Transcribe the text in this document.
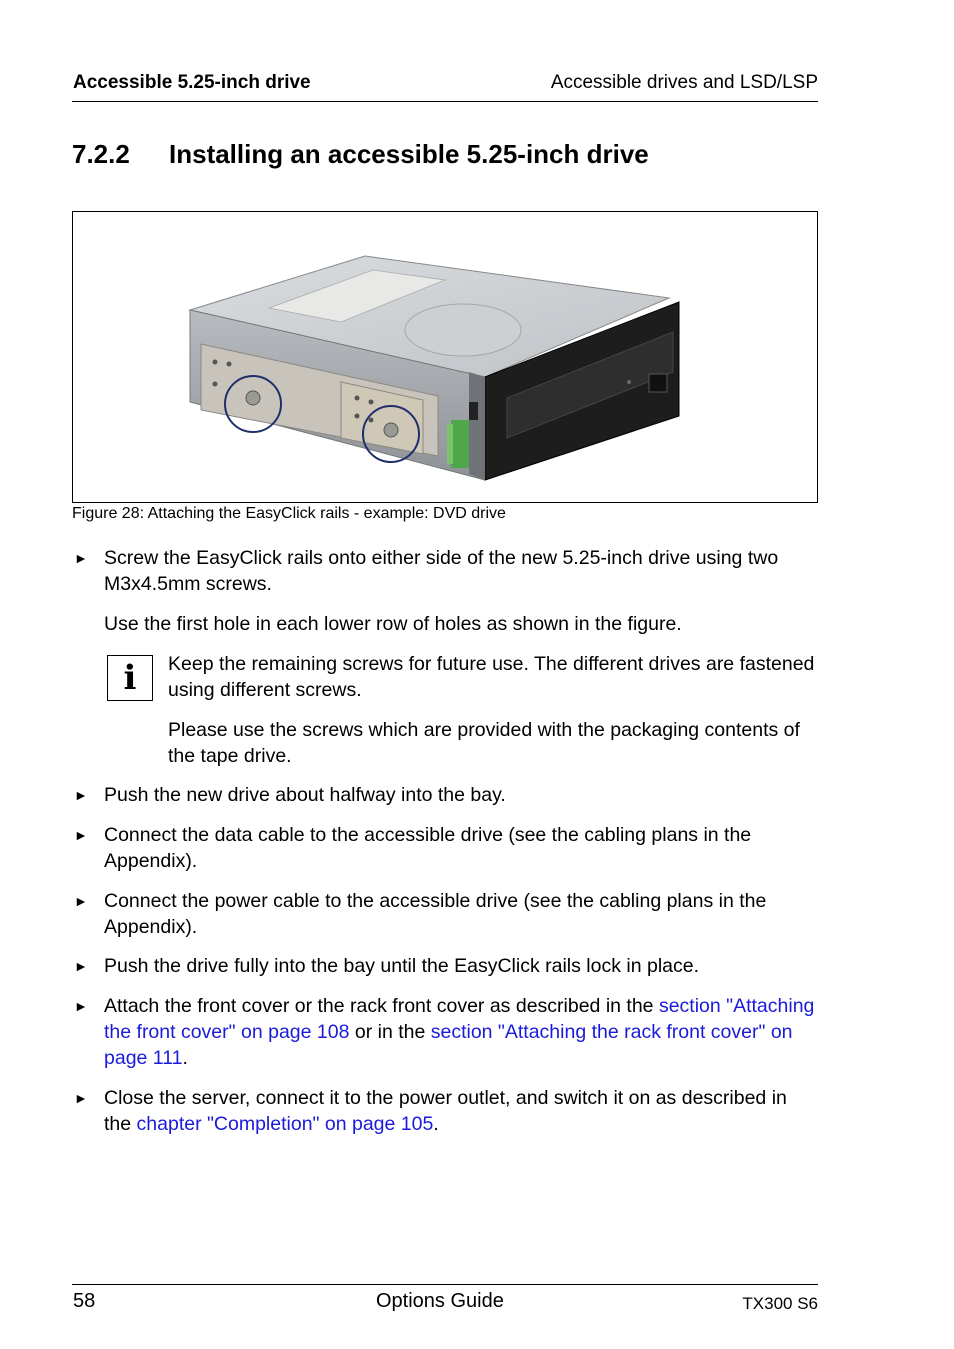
Accessible 5.25-inch drive	Accessible drives and LSD/LSP
7.2.2 Installing an accessible 5.25-inch drive
Figure 28: Attaching the EasyClick rails - example: DVD drive
► Screw the EasyClick rails onto either side of the new 5.25-inch drive using two M3x4.5mm screws.
Use the first hole in each lower row of holes as shown in the figure.
i	Keep the remaining screws for future use. The different drives are fastened using different screws.
Please use the screws which are provided with the packaging contents of the tape drive.
► Push the new drive about halfway into the bay.
► Connect the data cable to the accessible drive (see the cabling plans in the Appendix).
► Connect the power cable to the accessible drive (see the cabling plans in the Appendix).
► Push the drive fully into the bay until the EasyClick rails lock in place.
► Attach the front cover or the rack front cover as described in the section "Attaching the front cover" on page 108 or in the section "Attaching the rack front cover" on page 111.
► Close the server, connect it to the power outlet, and switch it on as described in the chapter "Completion" on page 105.
58	Options Guide	TX300 S6
